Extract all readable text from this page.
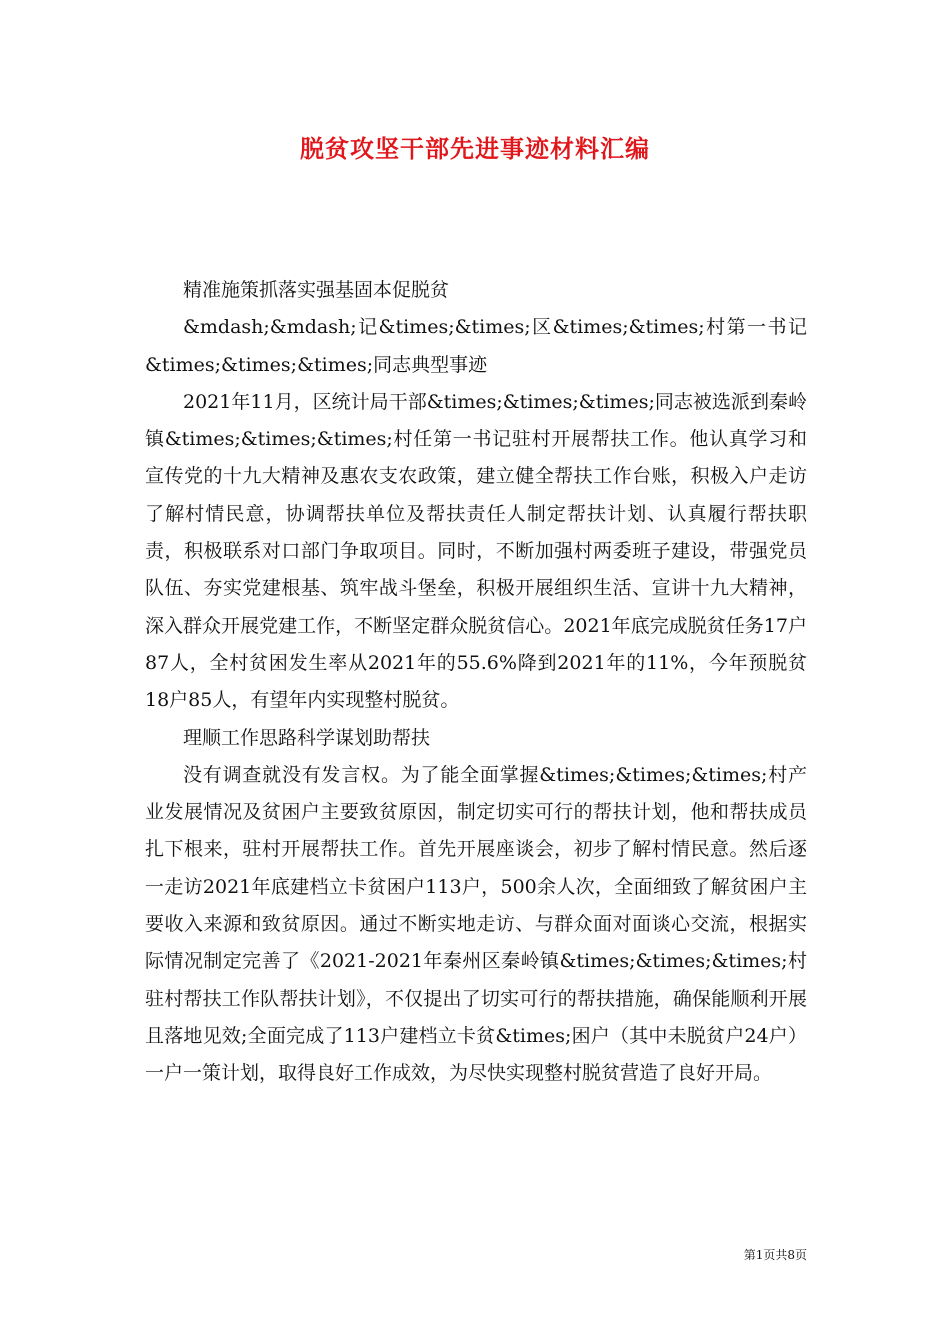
脱贫攻坚干部先进事迹材料汇编

精准施策抓落实强基固本促脱贫

&mdash;&mdash;记&times;&times;区&times;&times;村第一书记&times;&times;&times;同志典型事迹

2021年11月，区统计局干部&times;&times;&times;同志被选派到秦岭镇&times;&times;&times;村任第一书记驻村开展帮扶工作。他认真学习和宣传党的十九大精神及惠农支农政策，建立健全帮扶工作台账，积极入户走访了解村情民意，协调帮扶单位及帮扶责任人制定帮扶计划、认真履行帮扶职责，积极联系对口部门争取项目。同时，不断加强村两委班子建设，带强党员队伍、夯实党建根基、筑牢战斗堡垒，积极开展组织生活、宣讲十九大精神，深入群众开展党建工作，不断坚定群众脱贫信心。2021年底完成脱贫任务17户87人，全村贫困发生率从2021年的55.6%降到2021年的11%，今年预脱贫18户85人，有望年内实现整村脱贫。

理顺工作思路科学谋划助帮扶

没有调查就没有发言权。为了能全面掌握&times;&times;&times;村产业发展情况及贫困户主要致贫原因，制定切实可行的帮扶计划，他和帮扶成员扎下根来，驻村开展帮扶工作。首先开展座谈会，初步了解村情民意。然后逐一走访2021年底建档立卡贫困户113户，500余人次，全面细致了解贫困户主要收入来源和致贫原因。通过不断实地走访、与群众面对面谈心交流，根据实际情况制定完善了《2021-2021年秦州区秦岭镇&times;&times;&times;村驻村帮扶工作队帮扶计划》，不仅提出了切实可行的帮扶措施，确保能顺利开展且落地见效;全面完成了113户建档立卡贫&times;困户（其中未脱贫户24户）一户一策计划，取得良好工作成效，为尽快实现整村脱贫营造了良好开局。

第1页共8页
